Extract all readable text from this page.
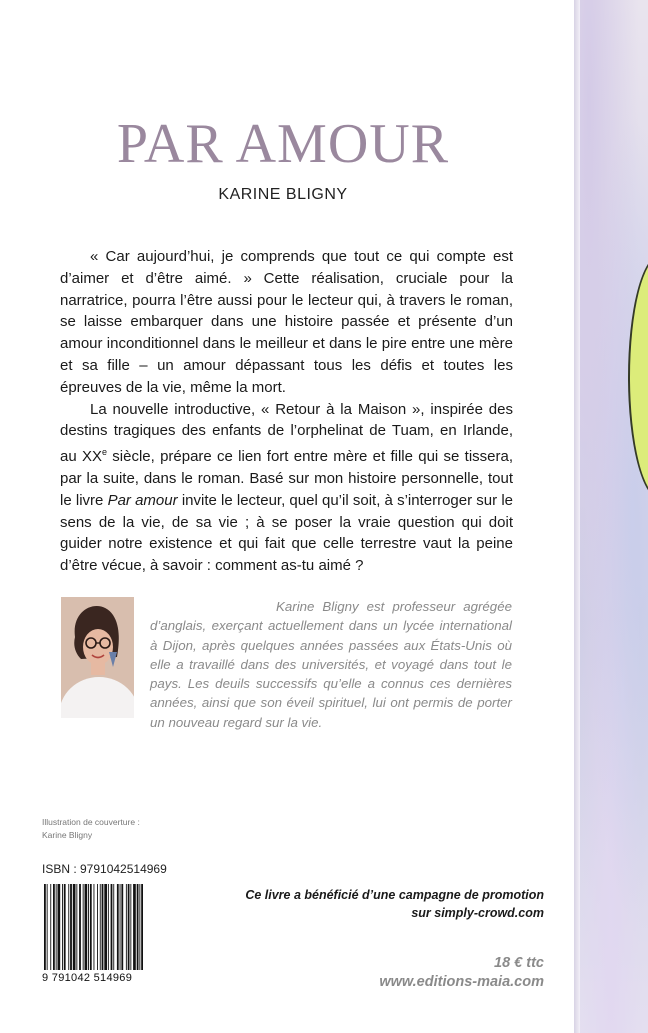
PAR AMOUR
KARINE BLIGNY

« Car aujourd’hui, je comprends que tout ce qui compte est d’aimer et d’être aimé. » Cette réalisation, cruciale pour la narratrice, pourra l’être aussi pour le lecteur qui, à travers le roman, se laisse embarquer dans une histoire passée et présente d’un amour inconditionnel dans le meilleur et dans le pire entre une mère et sa fille – un amour dépassant tous les défis et toutes les épreuves de la vie, même la mort.

La nouvelle introductive, « Retour à la Maison », inspirée des destins tragiques des enfants de l’orphelinat de Tuam, en Irlande, au XXe siècle, prépare ce lien fort entre mère et fille qui se tissera, par la suite, dans le roman. Basé sur mon histoire personnelle, tout le livre Par amour invite le lecteur, quel qu’il soit, à s’interroger sur le sens de la vie, de sa vie ; à se poser la vraie question qui doit guider notre existence et qui fait que celle terrestre vaut la peine d’être vécue, à savoir : comment as-tu aimé ?

Karine Bligny est professeur agrégée d’anglais, exerçant actuellement dans un lycée international à Dijon, après quelques années passées aux États-Unis où elle a travaillé dans des universités, et voyagé dans tout le pays. Les deuils successifs qu’elle a connus ces dernières années, ainsi que son éveil spirituel, lui ont permis de porter un nouveau regard sur la vie.

Illustration de couverture :
Karine Bligny
ISBN : 9791042514969
9 791042 514969
Ce livre a bénéficié d’une campagne de promotion
sur simply-crowd.com
18 € ttc
www.editions-maia.com
